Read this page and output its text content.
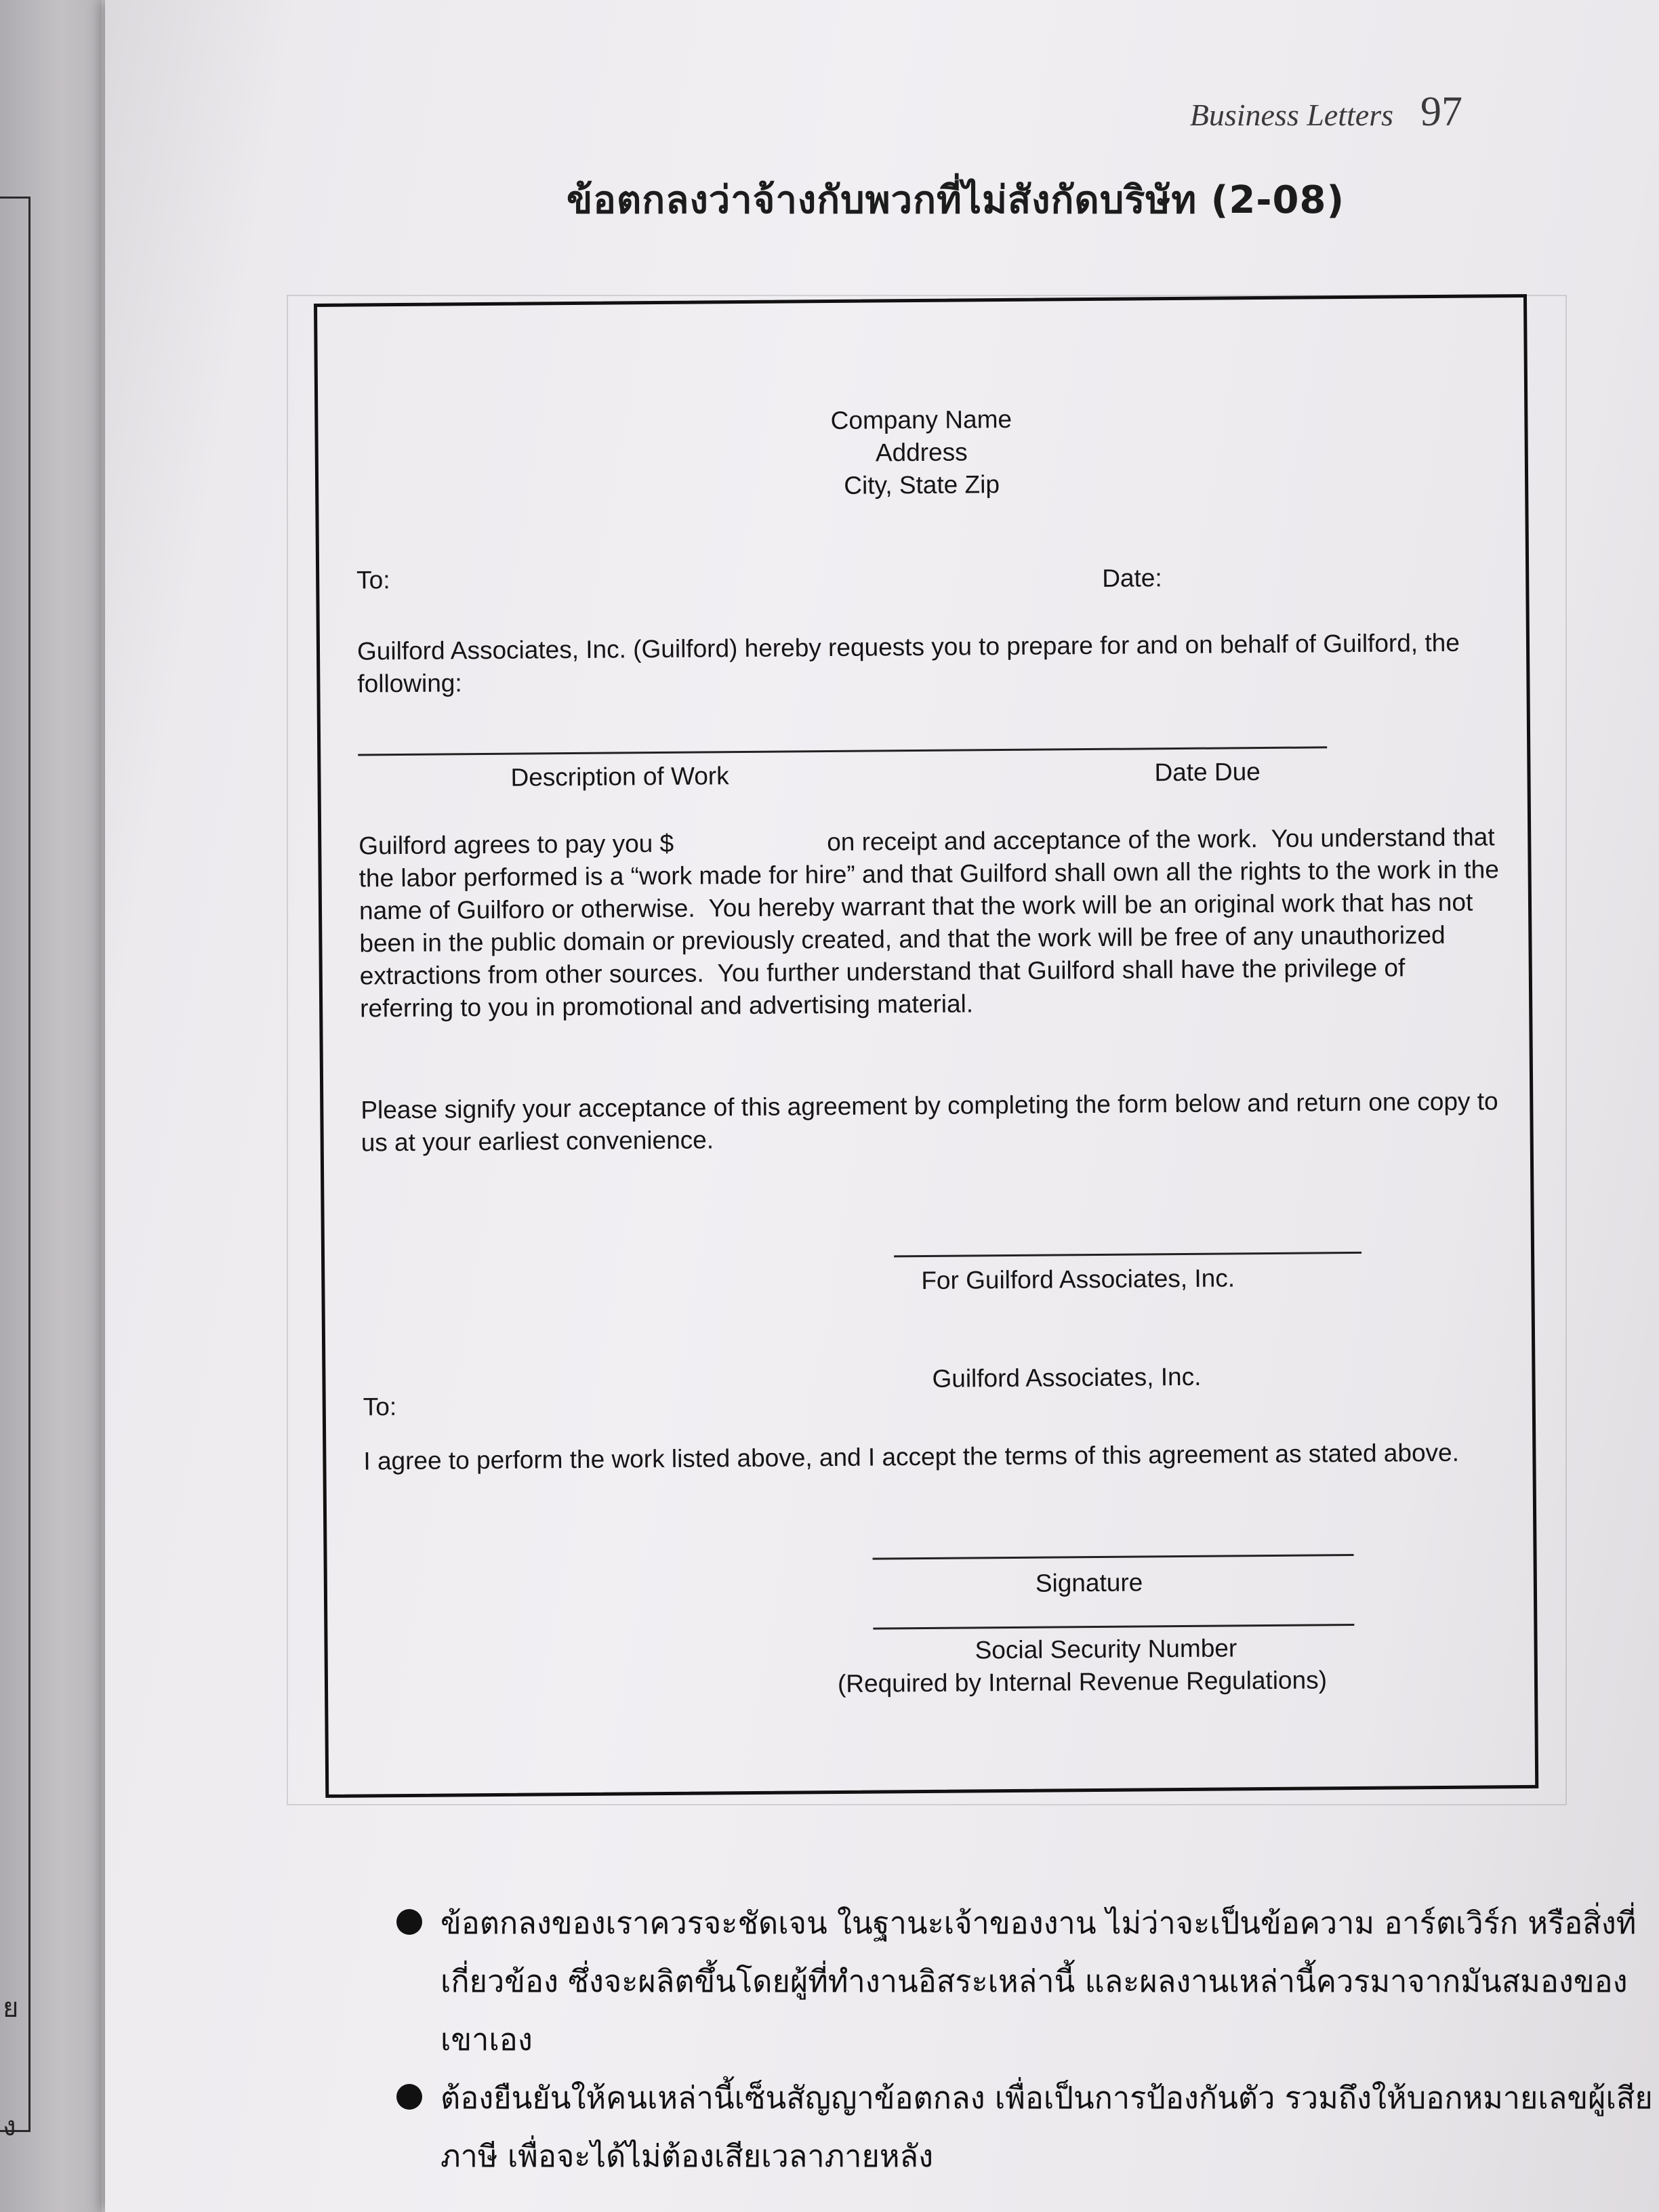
ย
ง
Business Letters 97
ข้อตกลงว่าจ้างกับพวกที่ไม่สังกัดบริษัท (2-08)
Company Name
Address
City, State Zip
To:	Date:
Guilford Associates, Inc. (Guilford) hereby requests you to prepare for and on behalf of Guilford, the following:
Description of Work	Date Due
Guilford agrees to pay you $                      on receipt and acceptance of the work.  You understand that the labor performed is a “work made for hire” and that Guilford shall own all the rights to the work in the name of Guilforo or otherwise.  You hereby warrant that the work will be an original work that has not been in the public domain or previously created, and that the work will be free of any unauthorized extractions from other sources.  You further understand that Guilford shall have the privilege of referring to you in promotional and advertising material.
Please signify your acceptance of this agreement by completing the form below and return one copy to us at your earliest convenience.
For Guilford Associates, Inc.
Guilford Associates, Inc.
To:
I agree to perform the work listed above, and I accept the terms of this agreement as stated above.
Signature
Social Security Number
(Required by Internal Revenue Regulations)
ข้อตกลงของเราควรจะชัดเจน ในฐานะเจ้าของงาน ไม่ว่าจะเป็นข้อความ อาร์ตเวิร์ก หรือสิ่งที่เกี่ยวข้อง ซึ่งจะผลิตขึ้นโดยผู้ที่ทำงานอิสระเหล่านี้ และผลงานเหล่านี้ควรมาจากมันสมองของเขาเอง
ต้องยืนยันให้คนเหล่านี้เซ็นสัญญาข้อตกลง เพื่อเป็นการป้องกันตัว รวมถึงให้บอกหมายเลขผู้เสียภาษี เพื่อจะได้ไม่ต้องเสียเวลาภายหลัง
